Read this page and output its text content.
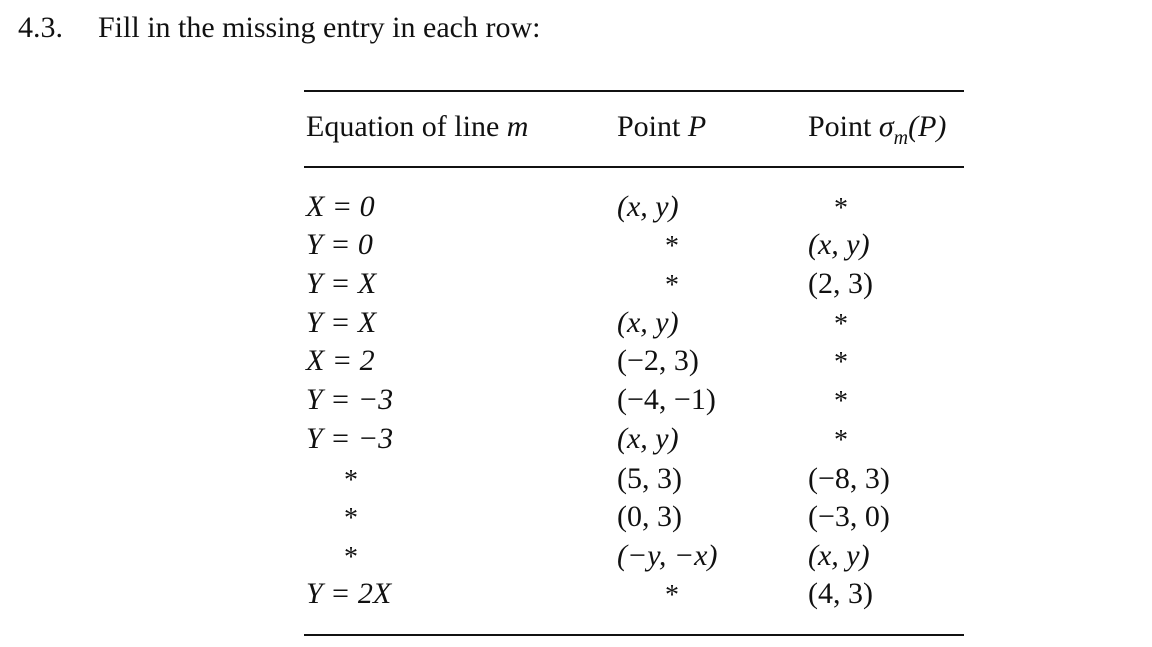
4.3. Fill in the missing entry in each row:
Equation of line m	Point P	Point $\sigma_m(P)$
X = 0	(x, y)	*
Y = 0	*	(x, y)
Y = X	*	(2, 3)
Y = X	(x, y)	*
X = 2	(−2, 3)	*
Y = −3	(−4, −1)	*
Y = −3	(x, y)	*
*	(5, 3)	(−8, 3)
*	(0, 3)	(−3, 0)
*	(−y, −x)	(x, y)
Y = 2X	*	(4, 3)
